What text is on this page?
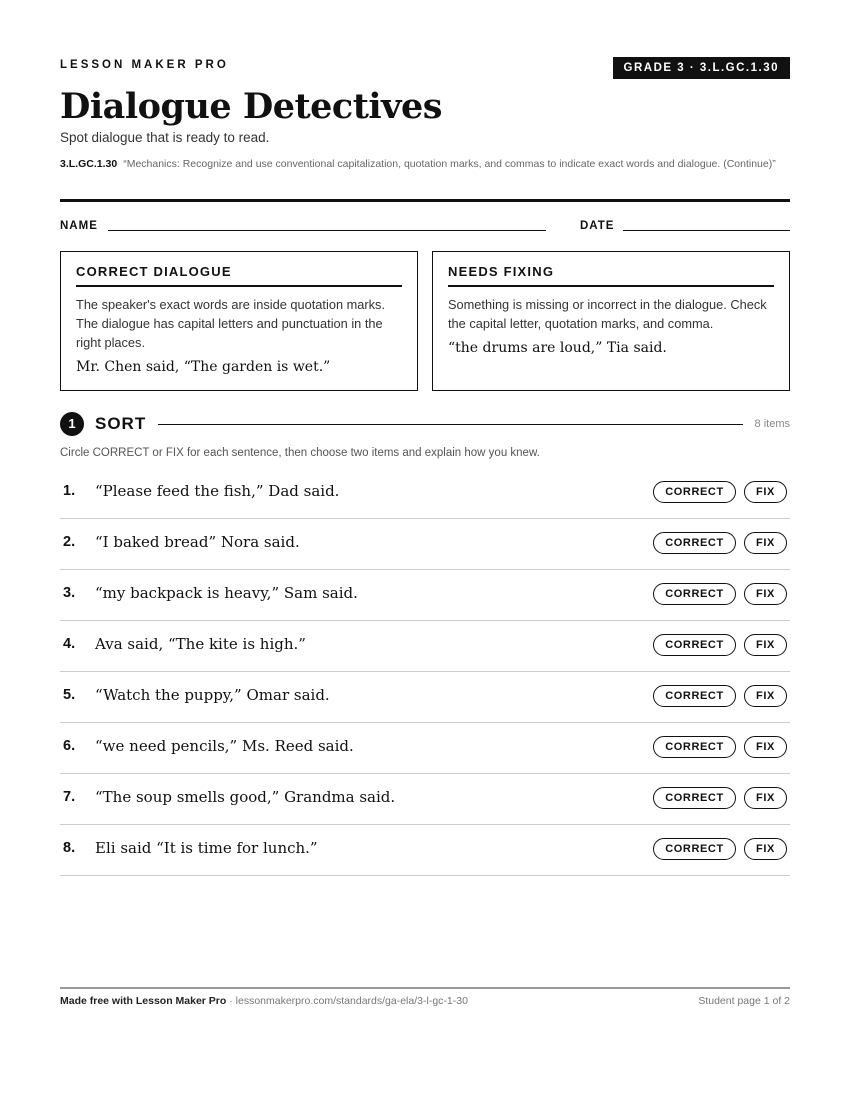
LESSON MAKER PRO	GRADE 3 · 3.L.GC.1.30
Dialogue Detectives
Spot dialogue that is ready to read.
3.L.GC.1.30 “Mechanics: Recognize and use conventional capitalization, quotation marks, and commas to indicate exact words and dialogue. (Continue)”
NAME	DATE
CORRECT DIALOGUE

The speaker's exact words are inside quotation marks. The dialogue has capital letters and punctuation in the right places.

Mr. Chen said, “The garden is wet.”

NEEDS FIXING

Something is missing or incorrect in the dialogue. Check the capital letter, quotation marks, and comma.

“the drums are loud,” Tia said.

1	SORT	8 items
Circle CORRECT or FIX for each sentence, then choose two items and explain how you knew.
1. “Please feed the fish,” Dad said.	CORRECT	FIX
2. “I baked bread” Nora said.	CORRECT	FIX
3. “my backpack is heavy,” Sam said.	CORRECT	FIX
4. Ava said, “The kite is high.”	CORRECT	FIX
5. “Watch the puppy,” Omar said.	CORRECT	FIX
6. “we need pencils,” Ms. Reed said.	CORRECT	FIX
7. “The soup smells good,” Grandma said.	CORRECT	FIX
8. Eli said “It is time for lunch.”	CORRECT	FIX
Made free with Lesson Maker Pro · lessonmakerpro.com/standards/ga-ela/3-l-gc-1-30	Student page 1 of 2
